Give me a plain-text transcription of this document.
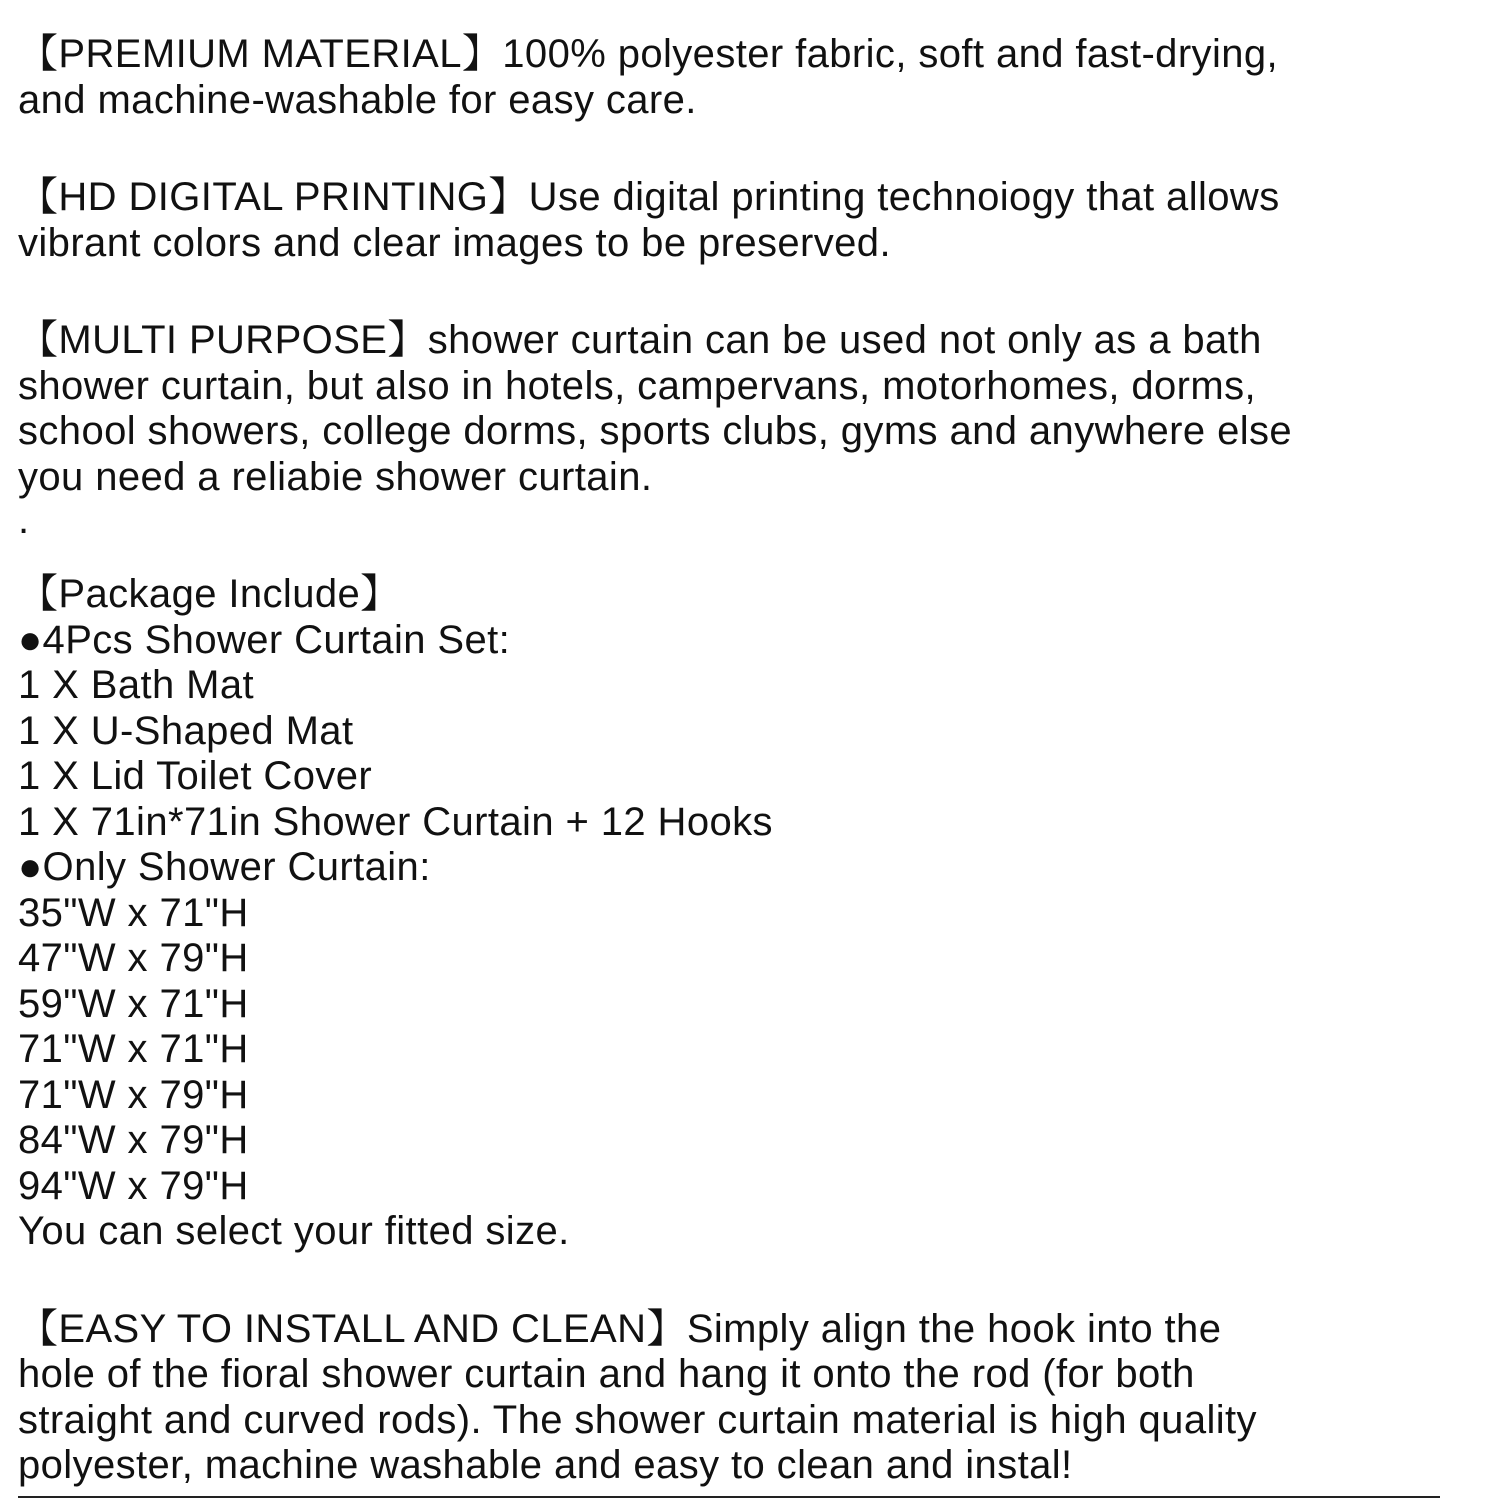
【PREMIUM MATERIAL】100% polyester fabric, soft and fast-drying,
and machine-washable for easy care.
【HD DIGITAL PRINTING】Use digital printing technoiogy that allows
vibrant colors and clear images to be preserved.
【MULTI PURPOSE】shower curtain can be used not only as a bath
shower curtain, but also in hotels, campervans, motorhomes, dorms,
school showers, college dorms, sports clubs, gyms and anywhere else
you need a reliabie shower curtain.
.
【Package Include】
●4Pcs Shower Curtain Set:
1 X Bath Mat
1 X U-Shaped Mat
1 X Lid Toilet Cover
1 X 71in*71in Shower Curtain + 12 Hooks
●Only Shower Curtain:
35"W x 71"H
47"W x 79"H
59"W x 71"H
71"W x 71"H
71"W x 79"H
84"W x 79"H
94"W x 79"H
You can select your fitted size.
【EASY TO INSTALL AND CLEAN】Simply align the hook into the
hole of the fioral shower curtain and hang it onto the rod (for both
straight and curved rods). The shower curtain material is high quality
polyester, machine washable and easy to clean and instal!
